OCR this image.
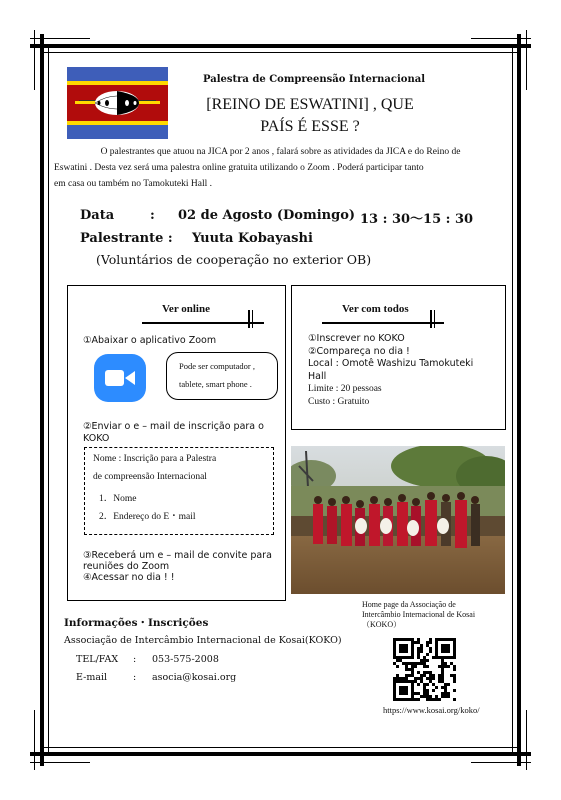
Palestra de Compreensão Internacional
[REINO DE ESWATINI] , QUE
PAÍS É ESSE ?
O palestrantes que atuou na JICA por 2 anos , falará sobre as atividades da JICA e do Reino de
Eswatini . Desta vez será uma palestra online gratuita utilizando o Zoom . Poderá participar tanto
em casa ou também no Tamokuteki Hall .
Data	: 02 de Agosto (Domingo) 13 : 30〜15 : 30
Palestrante : Yuuta Kobayashi
(Voluntários de cooperação no exterior OB)
Ver online
①Abaixar o aplicativo Zoom
Pode ser computador ,
tablete, smart phone .
②Enviar o e – mail de inscrição para o
KOKO
Nome : Inscrição para a Palestra
de compreensão Internacional
1．Nome
2．Endereço do E・mail
③Receberá um e – mail de convite para
reuniões do Zoom
④Acessar no dia ! !
Ver com todos
①Inscrever no KOKO
②Compareça no dia !
Local : Omotê Washizu Tamokuteki
Hall
Limite : 20 pessoas
Custo : Gratuito
Informações・Inscrições
Associação de Intercâmbio Internacional de Kosai(KOKO)
TEL/FAX : 053-575-2008
E-mail	: asocia@kosai.org
Home page da Associação de
Intercâmbio Internacional de Kosai
（KOKO）
https://www.kosai.org/koko/
